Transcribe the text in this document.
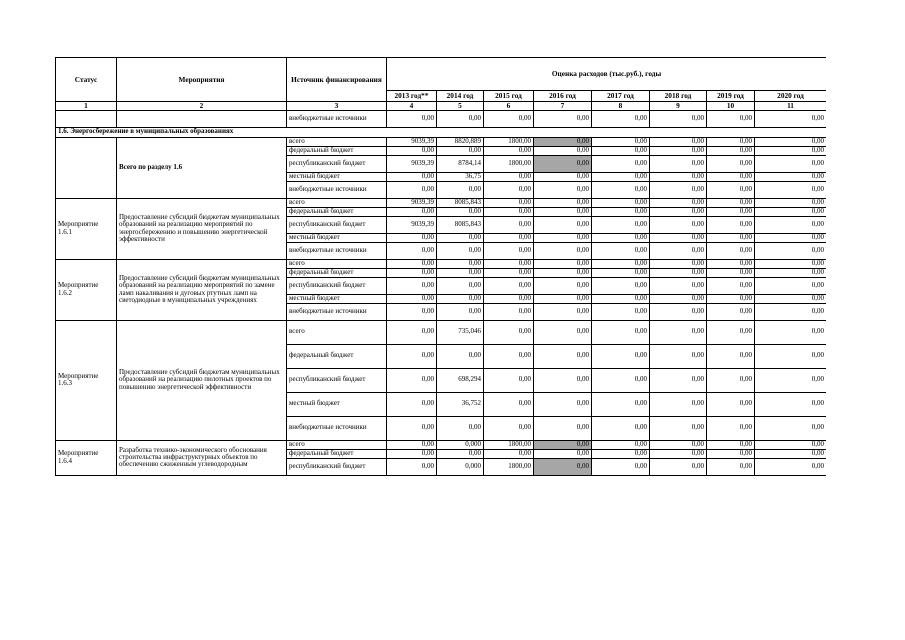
Статус	Мероприятия	Источник финансирования	Оценка расходов (тыс.руб.), годы							
			2013 год**	2014 год	2015 год	2016 год	2017 год	2018 год	2019 год	2020 год
1	2	3	4	5	6	7	8	9	10	11
		внебюджетные источники	0,00	0,00	0,00	0,00	0,00	0,00	0,00	0,00
1.6. Энергосбережение в муниципальных образованиях										
	Всего по разделу 1.6	всего	9039,39	8820,889	1800,00	0,00	0,00	0,00	0,00	0,00
		федеральный бюджет	0,00	0,00	0,00	0,00	0,00	0,00	0,00	0,00
		республиканский бюджет	9039,39	8784,14	1800,00	0,00	0,00	0,00	0,00	0,00
		местный бюджет	0,00	36,75	0,00	0,00	0,00	0,00	0,00	0,00
		внебюджетные источники	0,00	0,00	0,00	0,00	0,00	0,00	0,00	0,00
Мероприятие 1.6.1	Предоставление субсидий бюджетам муниципальных образований на реализацию мероприятий по энергосбережению и повышению энергетической эффективности	всего	9039,39	8085,843	0,00	0,00	0,00	0,00	0,00	0,00
		федеральный бюджет	0,00	0,00	0,00	0,00	0,00	0,00	0,00	0,00
		республиканский бюджет	9039,39	8085,843	0,00	0,00	0,00	0,00	0,00	0,00
		местный бюджет	0,00	0,00	0,00	0,00	0,00	0,00	0,00	0,00
		внебюджетные источники	0,00	0,00	0,00	0,00	0,00	0,00	0,00	0,00
Мероприятие 1.6.2	Предоставление субсидий бюджетам муниципальных образований на реализацию мероприятий по замене ламп накаливания и дуговых ртутных ламп на светодиодные в муниципальных учреждениях	всего	0,00	0,00	0,00	0,00	0,00	0,00	0,00	0,00
		федеральный бюджет	0,00	0,00	0,00	0,00	0,00	0,00	0,00	0,00
		республиканский бюджет	0,00	0,00	0,00	0,00	0,00	0,00	0,00	0,00
		местный бюджет	0,00	0,00	0,00	0,00	0,00	0,00	0,00	0,00
		внебюджетные источники	0,00	0,00	0,00	0,00	0,00	0,00	0,00	0,00
Мероприятие 1.6.3	Предоставление субсидий бюджетам муниципальных образований на реализацию пилотных проектов по повышению энергетической эффективности	всего	0,00	735,046	0,00	0,00	0,00	0,00	0,00	0,00
		федеральный бюджет	0,00	0,00	0,00	0,00	0,00	0,00	0,00	0,00
		республиканский бюджет	0,00	698,294	0,00	0,00	0,00	0,00	0,00	0,00
		местный бюджет	0,00	36,752	0,00	0,00	0,00	0,00	0,00	0,00
		внебюджетные источники	0,00	0,00	0,00	0,00	0,00	0,00	0,00	0,00
Мероприятие 1.6.4	Разработка технико-экономического обоснования строительства инфраструктурных объектов по обеспечению сжиженным углеводородным	всего	0,00	0,000	1800,00	0,00	0,00	0,00	0,00	0,00
		федеральный бюджет	0,00	0,00	0,00	0,00	0,00	0,00	0,00	0,00
		республиканский бюджет	0,00	0,000	1800,00	0,00	0,00	0,00	0,00	0,00
